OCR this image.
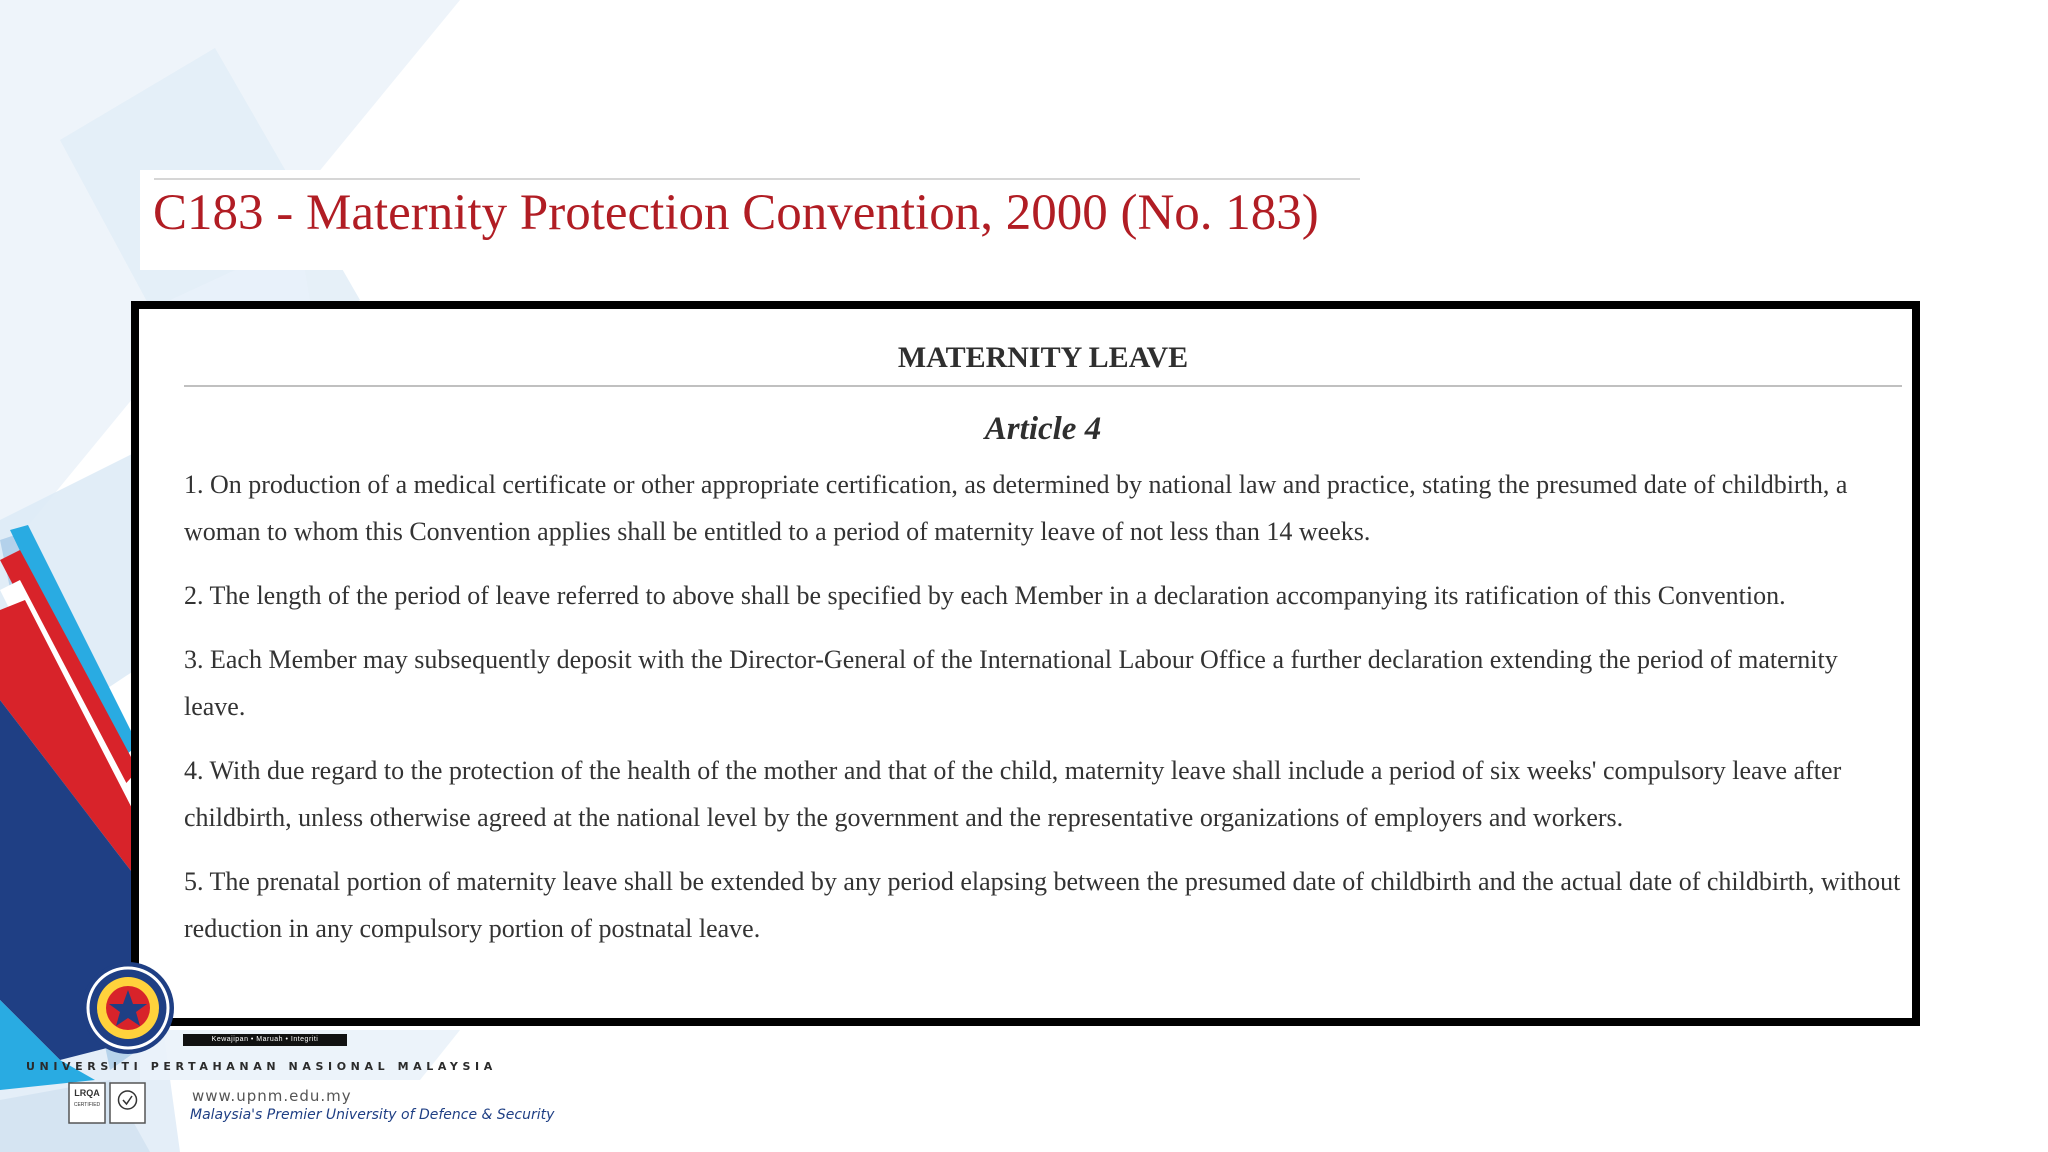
C183 - Maternity Protection Convention, 2000 (No. 183)
MATERNITY LEAVE
Article 4

1. On production of a medical certificate or other appropriate certification, as determined by national law and practice, stating the presumed date of childbirth, a woman to whom this Convention applies shall be entitled to a period of maternity leave of not less than 14 weeks.

2. The length of the period of leave referred to above shall be specified by each Member in a declaration accompanying its ratification of this Convention.

3. Each Member may subsequently deposit with the Director-General of the International Labour Office a further declaration extending the period of maternity leave.

4. With due regard to the protection of the health of the mother and that of the child, maternity leave shall include a period of six weeks' compulsory leave after childbirth, unless otherwise agreed at the national level by the government and the representative organizations of employers and workers.

5. The prenatal portion of maternity leave shall be extended by any period elapsing between the presumed date of childbirth and the actual date of childbirth, without reduction in any compulsory portion of postnatal leave.

Kewajipan • Maruah • Integriti
UNIVERSITI PERTAHANAN NASIONAL MALAYSIA
LRQA
CERTIFIED	www.upnm.edu.my
Malaysia's Premier University of Defence & Security
